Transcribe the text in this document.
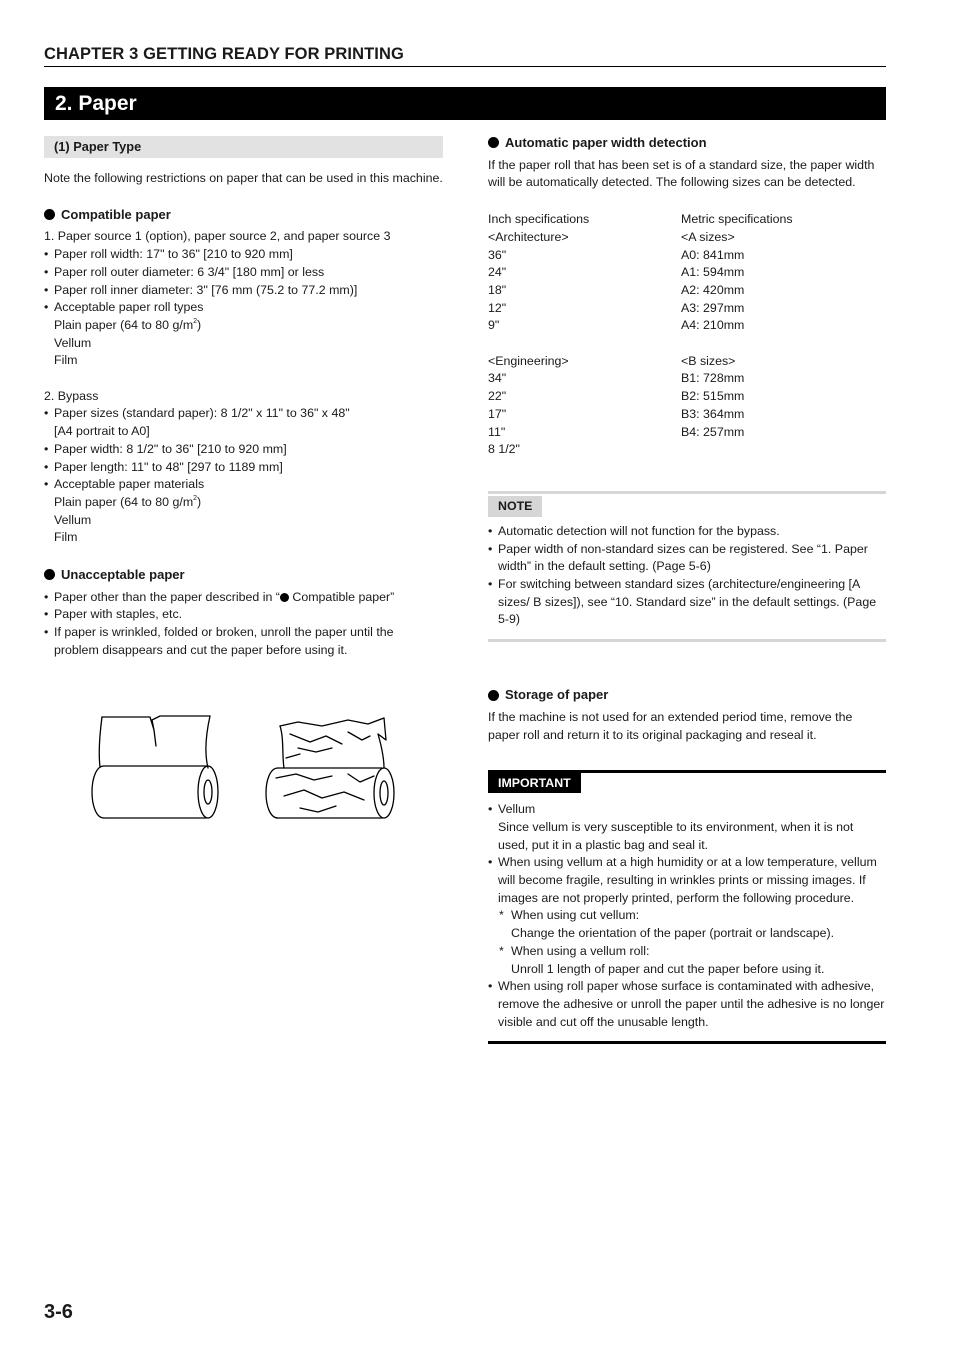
CHAPTER 3 GETTING READY FOR PRINTING
2. Paper
(1) Paper Type
Note the following restrictions on paper that can be used in this machine.
Compatible paper
1. Paper source 1 (option), paper source 2, and paper source 3
• Paper roll width: 17" to 36" [210 to 920 mm]
• Paper roll outer diameter: 6 3/4" [180 mm] or less
• Paper roll inner diameter: 3" [76 mm (75.2 to 77.2 mm)]
• Acceptable paper roll types
Plain paper (64 to 80 $g/m^2$)
Vellum
Film
2. Bypass
• Paper sizes (standard paper): 8 1/2" x 11" to 36" x 48"
[A4 portrait to A0]
• Paper width: 8 1/2" to 36" [210 to 920 mm]
• Paper length: 11" to 48" [297 to 1189 mm]
• Acceptable paper materials
Plain paper (64 to 80 $g/m^2$)
Vellum
Film
Unacceptable paper
• Paper other than the paper described in “ Compatible paper”
• Paper with staples, etc.
• If paper is wrinkled, folded or broken, unroll the paper until the
problem disappears and cut the paper before using it.
Automatic paper width detection
If the paper roll that has been set is of a standard size, the paper width will be automatically detected. The following sizes can be detected.
Inch specifications	Metric specifications
<Architecture>	<A sizes>
36"	A0: 841mm
24"	A1: 594mm
18"	A2: 420mm
12"	A3: 297mm
9"	A4: 210mm
<Engineering>	<B sizes>
34"	B1: 728mm
22"	B2: 515mm
17"	B3: 364mm
11"	B4: 257mm
8 1/2"
NOTE
• Automatic detection will not function for the bypass.
• Paper width of non-standard sizes can be registered. See “1. Paper width” in the default setting. (Page 5-6)
• For switching between standard sizes (architecture/engineering [A sizes/ B sizes]), see “10. Standard size” in the default settings. (Page 5-9)
Storage of paper
If the machine is not used for an extended period time, remove the paper roll and return it to its original packaging and reseal it.
IMPORTANT
• Vellum
Since vellum is very susceptible to its environment, when it is not used, put it in a plastic bag and seal it.
• When using vellum at a high humidity or at a low temperature, vellum will become fragile, resulting in wrinkles prints or missing images. If images are not properly printed, perform the following procedure.
* When using cut vellum:
Change the orientation of the paper (portrait or landscape).
* When using a vellum roll:
Unroll 1 length of paper and cut the paper before using it.
• When using roll paper whose surface is contaminated with adhesive, remove the adhesive or unroll the paper until the adhesive is no longer visible and cut off the unusable length.
3-6
